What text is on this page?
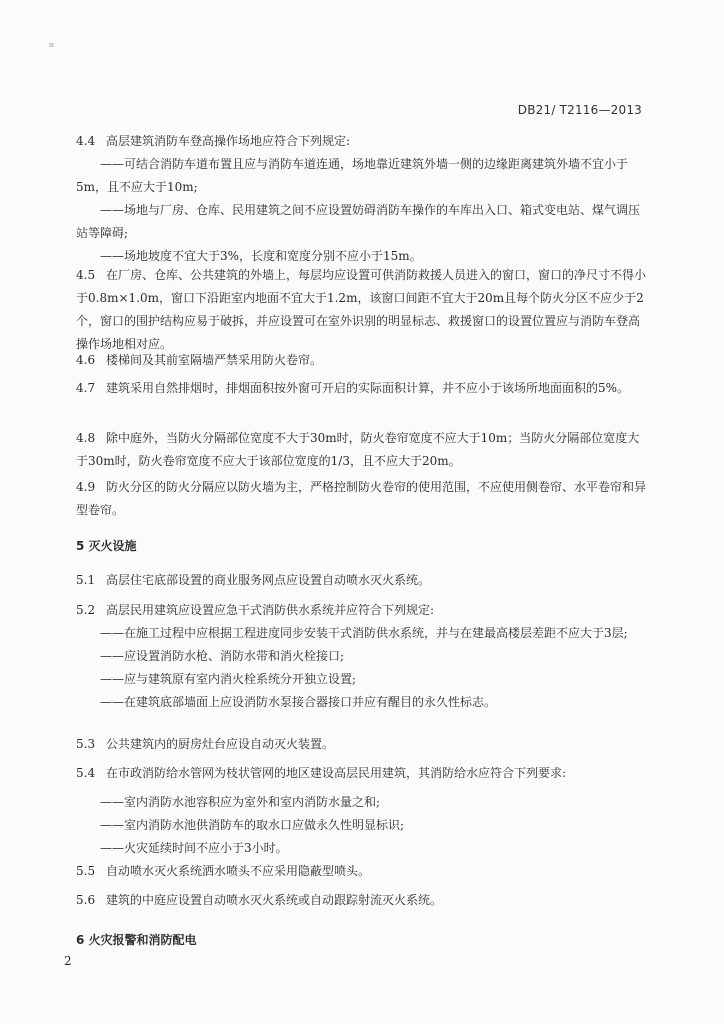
∝
DB21/ T2116—2013
4.4 高层建筑消防车登高操作场地应符合下列规定:
——可结合消防车道布置且应与消防车道连通，场地靠近建筑外墙一侧的边缘距离建筑外墙不宜小于5m，且不应大于10m;
——场地与厂房、仓库、民用建筑之间不应设置妨碍消防车操作的车库出入口、箱式变电站、煤气调压站等障碍;
——场地坡度不宜大于3%，长度和宽度分别不应小于15m。
4.5 在厂房、仓库、公共建筑的外墙上，每层均应设置可供消防救援人员进入的窗口，窗口的净尺寸不得小于0.8m×1.0m，窗口下沿距室内地面不宜大于1.2m，该窗口间距不宜大于20m且每个防火分区不应少于2个，窗口的围护结构应易于破拆，并应设置可在室外识别的明显标志、救援窗口的设置位置应与消防车登高操作场地相对应。
4.6 楼梯间及其前室隔墙严禁采用防火卷帘。
4.7 建筑采用自然排烟时，排烟面积按外窗可开启的实际面积计算，并不应小于该场所地面面积的5%。
4.8 除中庭外，当防火分隔部位宽度不大于30m时，防火卷帘宽度不应大于10m；当防火分隔部位宽度大于30m时，防火卷帘宽度不应大于该部位宽度的1/3，且不应大于20m。
4.9 防火分区的防火分隔应以防火墙为主，严格控制防火卷帘的使用范围，不应使用侧卷帘、水平卷帘和异型卷帘。
5 灭火设施
5.1 高层住宅底部设置的商业服务网点应设置自动喷水灭火系统。
5.2 高层民用建筑应设置应急干式消防供水系统并应符合下列规定:
——在施工过程中应根据工程进度同步安装干式消防供水系统，并与在建最高楼层差距不应大于3层;
——应设置消防水枪、消防水带和消火栓接口;
——应与建筑原有室内消火栓系统分开独立设置;
——在建筑底部墙面上应设消防水泵接合器接口并应有醒目的永久性标志。
5.3 公共建筑内的厨房灶台应设自动灭火装置。
5.4 在市政消防给水管网为枝状管网的地区建设高层民用建筑，其消防给水应符合下列要求:
——室内消防水池容积应为室外和室内消防水量之和;
——室内消防水池供消防车的取水口应做永久性明显标识;
——火灾延续时间不应小于3小时。
5.5 自动喷水灭火系统洒水喷头不应采用隐蔽型喷头。
5.6 建筑的中庭应设置自动喷水灭火系统或自动跟踪射流灭火系统。
6 火灾报警和消防配电
2
